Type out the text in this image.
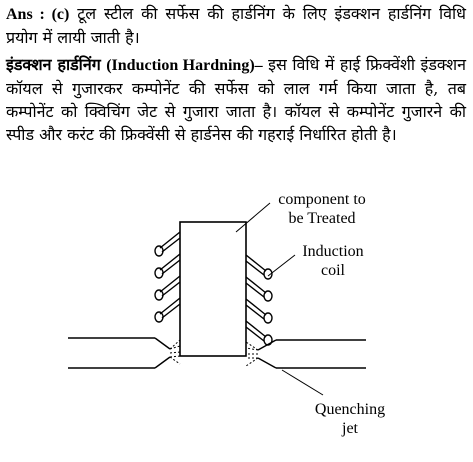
Ans : (c) टूल स्टील की सर्फेस की हार्डनिंग के लिए इंडक्शन हार्डनिंग विधि प्रयोग में लायी जाती है।

इंडक्शन हार्डनिंग (Induction Hardning)– इस विधि में हाई फ्रिक्वेंशी इंडक्शन कॉयल से गुजारकर कम्पोनेंट की सर्फेस को लाल गर्म किया जाता है, तब कम्पोनेंट को क्विचिंग जेट से गुजारा जाता है। कॉयल से कम्पोनेंट गुजारने की स्पीड और करंट की फ्रिक्वेंसी से हार्डनेस की गहराई निर्धारित होती है।

component to
be Treated
Induction
coil
Quenching
jet
